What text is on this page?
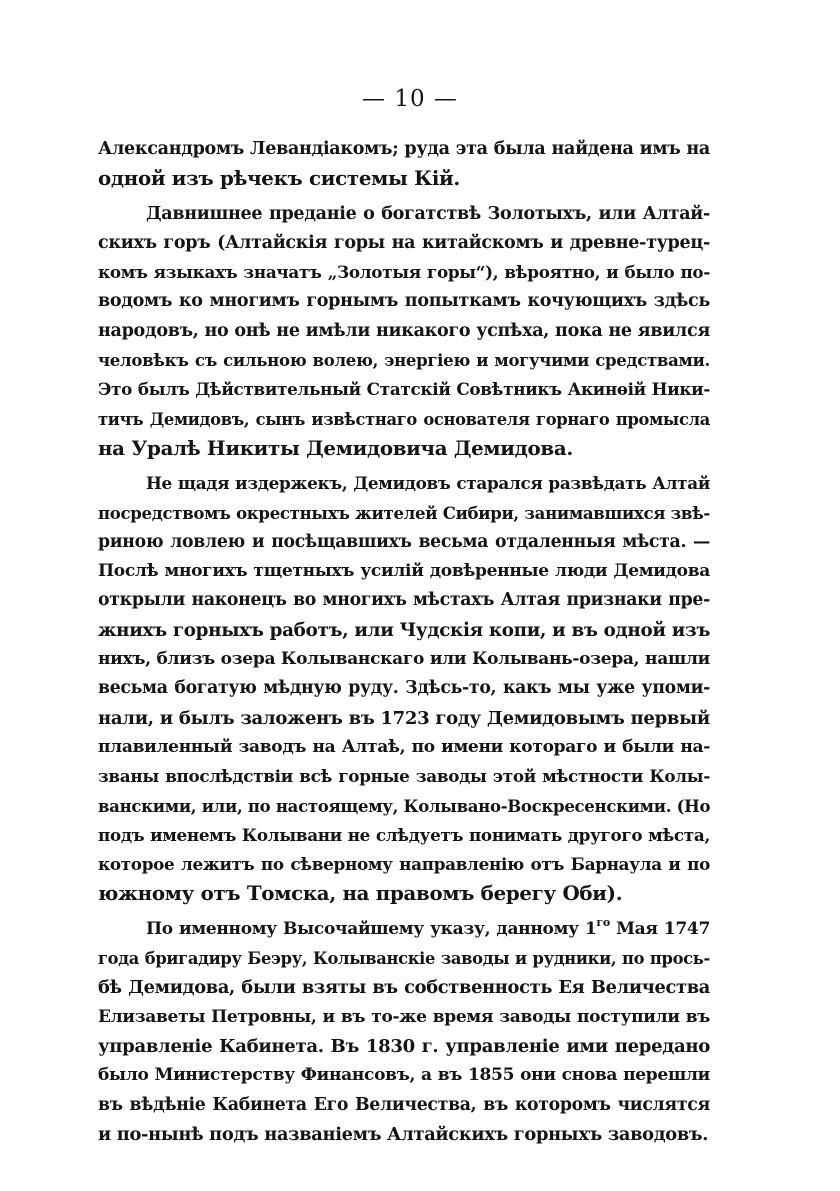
— 10 —
Александромъ Левандіакомъ; руда эта была найдена имъ на
одной изъ рѣчекъ системы Кій.
Давнишнее преданіе о богатствѣ Золотыхъ, или Алтай-
скихъ горъ (Алтайскія горы на китайскомъ и древне-турец-
комъ языкахъ значатъ „Золотыя горы“), вѣроятно, и было по-
водомъ ко многимъ горнымъ попыткамъ кочующихъ здѣсь
народовъ, но онѣ не имѣли никакого успѣха, пока не явился
человѣкъ съ сильною волею, энергіею и могучими средствами.
Это былъ Дѣйствительный Статскій Совѣтникъ Акинѳій Ники-
тичъ Демидовъ, сынъ извѣстнаго основателя горнаго промысла
на Уралѣ Никиты Демидовича Демидова.
Не щадя издержекъ, Демидовъ старался развѣдать Алтай
посредствомъ окрестныхъ жителей Сибири, занимавшихся звѣ-
риною ловлею и посѣщавшихъ весьма отдаленныя мѣста. —
Послѣ многихъ тщетныхъ усилій довѣренные люди Демидова
открыли наконецъ во многихъ мѣстахъ Алтая признаки пре-
жнихъ горныхъ работъ, или Чудскія копи, и въ одной изъ
нихъ, близъ озера Колыванскаго или Колывань-озера, нашли
весьма богатую мѣдную руду. Здѣсь-то, какъ мы уже упоми-
нали, и былъ заложенъ въ 1723 году Демидовымъ первый
плавиленный заводъ на Алтаѣ, по имени котораго и были на-
званы впослѣдствіи всѣ горные заводы этой мѣстности Колы-
ванскими, или, по настоящему, Колывано-Воскресенскими. (Но
подъ именемъ Колывани не слѣдуетъ понимать другого мѣста,
которое лежитъ по сѣверному направленію отъ Барнаула и по
южному отъ Томска, на правомъ берегу Оби).
По именному Высочайшему указу, данному $1^{го}$ Мая 1747
года бригадиру Беэру, Колыванскіе заводы и рудники, по прось-
бѣ Демидова, были взяты въ собственность Ея Величества
Елизаветы Петровны, и въ то-же время заводы поступили въ
управленіе Кабинета. Въ 1830 г. управленіе ими передано
было Министерству Финансовъ, а въ 1855 они снова перешли
въ вѣдѣніе Кабинета Его Величества, въ которомъ числятся
и по-нынѣ подъ названіемъ Алтайскихъ горныхъ заводовъ.
